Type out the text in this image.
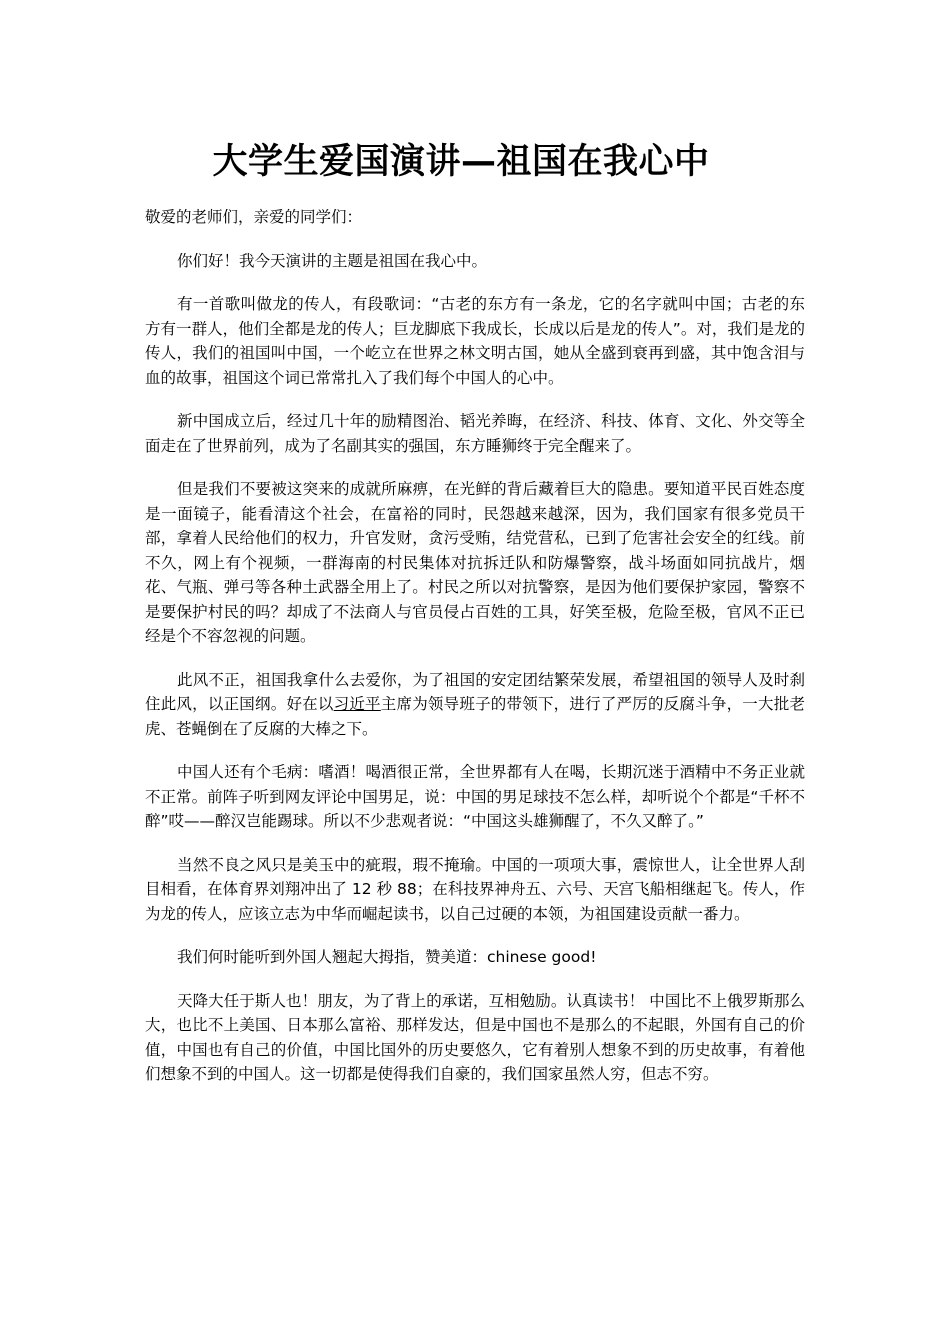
大学生爱国演讲—祖国在我心中

敬爱的老师们，亲爱的同学们：

你们好！我今天演讲的主题是祖国在我心中。

有一首歌叫做龙的传人，有段歌词：“古老的东方有一条龙，它的名字就叫中国；古老的东方有一群人，他们全都是龙的传人；巨龙脚底下我成长，长成以后是龙的传人”。对，我们是龙的传人，我们的祖国叫中国，一个屹立在世界之林文明古国，她从全盛到衰再到盛，其中饱含泪与血的故事，祖国这个词已常常扎入了我们每个中国人的心中。

新中国成立后，经过几十年的励精图治、韬光养晦，在经济、科技、体育、文化、外交等全面走在了世界前列，成为了名副其实的强国，东方睡狮终于完全醒来了。

但是我们不要被这突来的成就所麻痹，在光鲜的背后藏着巨大的隐患。要知道平民百姓态度是一面镜子，能看清这个社会，在富裕的同时，民怨越来越深，因为，我们国家有很多党员干部，拿着人民给他们的权力，升官发财，贪污受贿，结党营私，已到了危害社会安全的红线。前不久，网上有个视频，一群海南的村民集体对抗拆迁队和防爆警察，战斗场面如同抗战片，烟花、气瓶、弹弓等各种土武器全用上了。村民之所以对抗警察，是因为他们要保护家园，警察不是要保护村民的吗？却成了不法商人与官员侵占百姓的工具，好笑至极，危险至极，官风不正已经是个不容忽视的问题。

此风不正，祖国我拿什么去爱你，为了祖国的安定团结繁荣发展，希望祖国的领导人及时刹住此风，以正国纲。好在以习近平主席为领导班子的带领下，进行了严厉的反腐斗争，一大批老虎、苍蝇倒在了反腐的大棒之下。

中国人还有个毛病：嗜酒！喝酒很正常，全世界都有人在喝，长期沉迷于酒精中不务正业就不正常。前阵子听到网友评论中国男足，说：中国的男足球技不怎么样，却听说个个都是“千杯不醉”哎——醉汉岂能踢球。所以不少悲观者说：“中国这头雄狮醒了，不久又醉了。”

当然不良之风只是美玉中的疵瑕，瑕不掩瑜。中国的一项项大事，震惊世人，让全世界人刮目相看，在体育界刘翔冲出了 12 秒 88；在科技界神舟五、六号、天宫飞船相继起飞。传人，作为龙的传人，应该立志为中华而崛起读书，以自己过硬的本领，为祖国建设贡献一番力。

我们何时能听到外国人翘起大拇指，赞美道：chinese good!

天降大任于斯人也！朋友，为了背上的承诺，互相勉励。认真读书！ 中国比不上俄罗斯那么大，也比不上美国、日本那么富裕、那样发达，但是中国也不是那么的不起眼，外国有自己的价值，中国也有自己的价值，中国比国外的历史要悠久，它有着别人想象不到的历史故事，有着他们想象不到的中国人。这一切都是使得我们自豪的，我们国家虽然人穷，但志不穷。
